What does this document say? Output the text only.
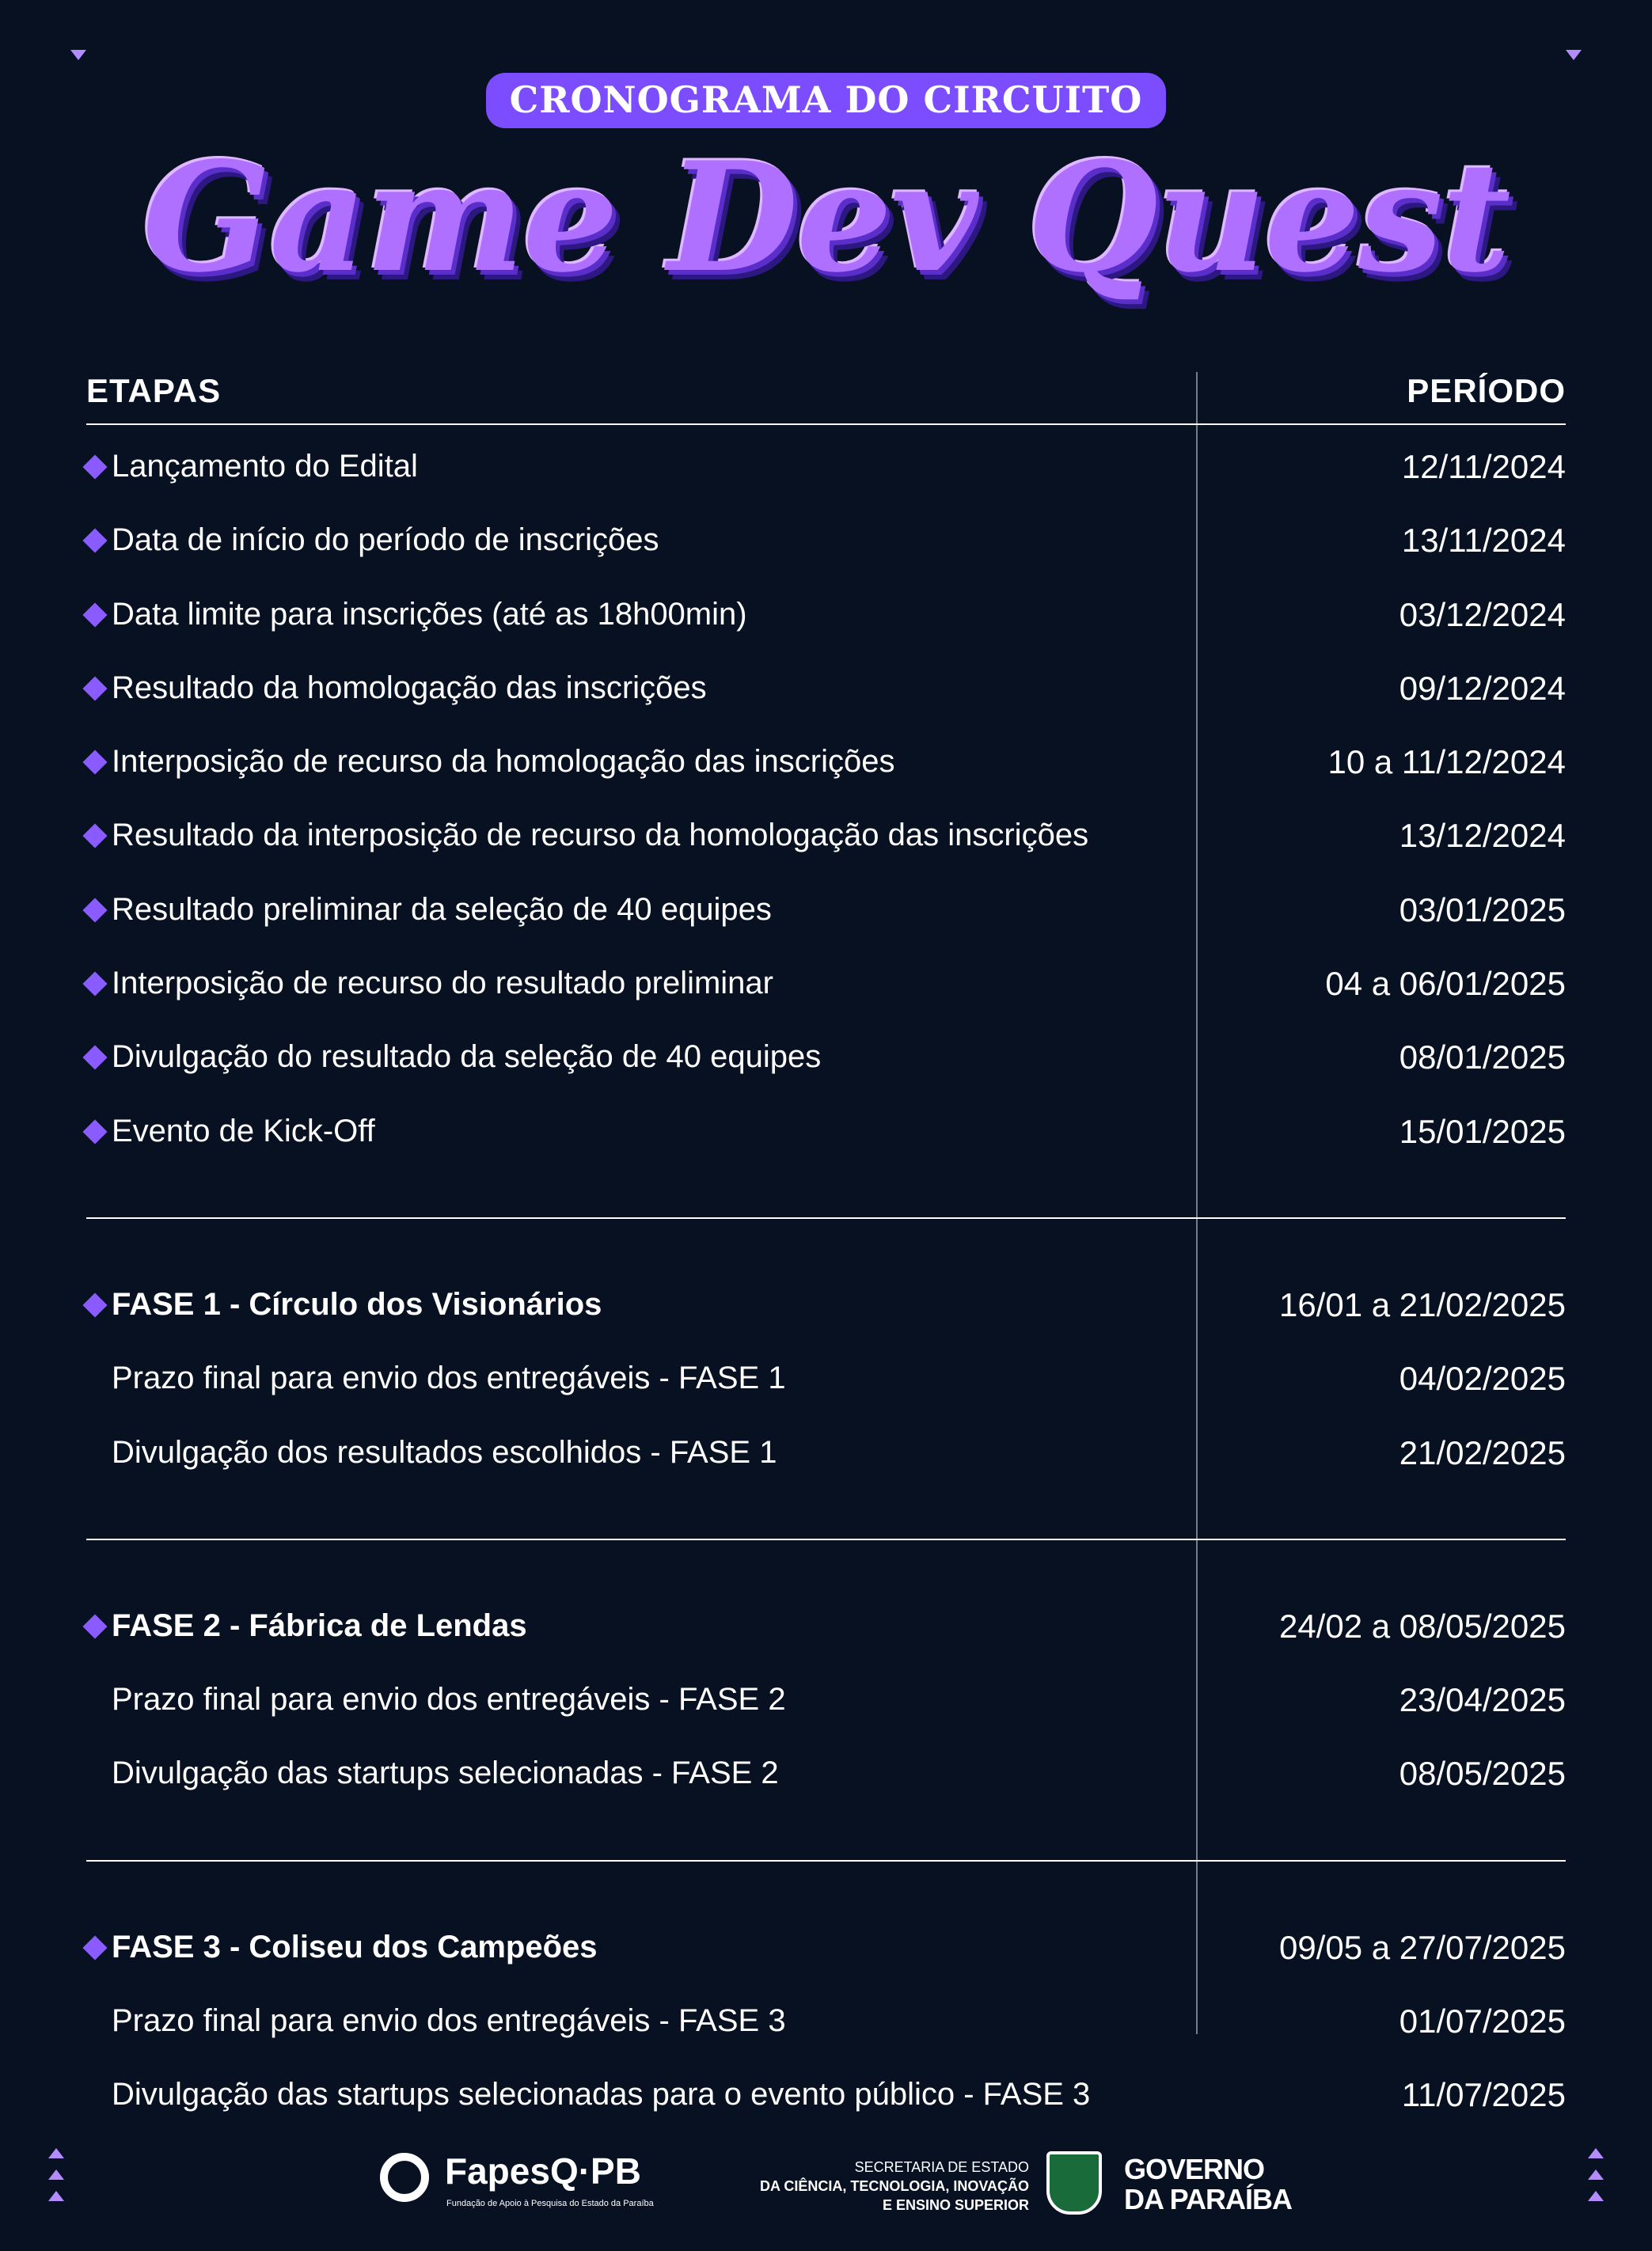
CRONOGRAMA DO CIRCUITO
Game Dev Quest
ETAPAS	PERÍODO
Lançamento do Edital	12/11/2024
Data de início do período de inscrições	13/11/2024
Data limite para inscrições (até as 18h00min)	03/12/2024
Resultado da homologação das inscrições	09/12/2024
Interposição de recurso da homologação das inscrições	10 a 11/12/2024
Resultado da interposição de recurso da homologação das inscrições	13/12/2024
Resultado preliminar da seleção de 40 equipes	03/01/2025
Interposição de recurso do resultado preliminar	04 a 06/01/2025
Divulgação do resultado da seleção de 40 equipes	08/01/2025
Evento de Kick-Off	15/01/2025
FASE 1 - Círculo dos Visionários	16/01 a 21/02/2025
Prazo final para envio dos entregáveis - FASE 1	04/02/2025
Divulgação dos resultados escolhidos - FASE 1	21/02/2025
FASE 2 - Fábrica de Lendas	24/02 a 08/05/2025
Prazo final para envio dos entregáveis - FASE 2	23/04/2025
Divulgação das startups selecionadas - FASE 2	08/05/2025
FASE 3 - Coliseu dos Campeões	09/05 a 27/07/2025
Prazo final para envio dos entregáveis - FASE 3	01/07/2025
Divulgação das startups selecionadas para o evento público - FASE 3	11/07/2025
FapesQ·PB
Fundação de Apoio à Pesquisa do Estado da Paraíba
SECRETARIA DE ESTADO
DA CIÊNCIA, TECNOLOGIA, INOVAÇÃO
E ENSINO SUPERIOR
GOVERNO
DA PARAÍBA
